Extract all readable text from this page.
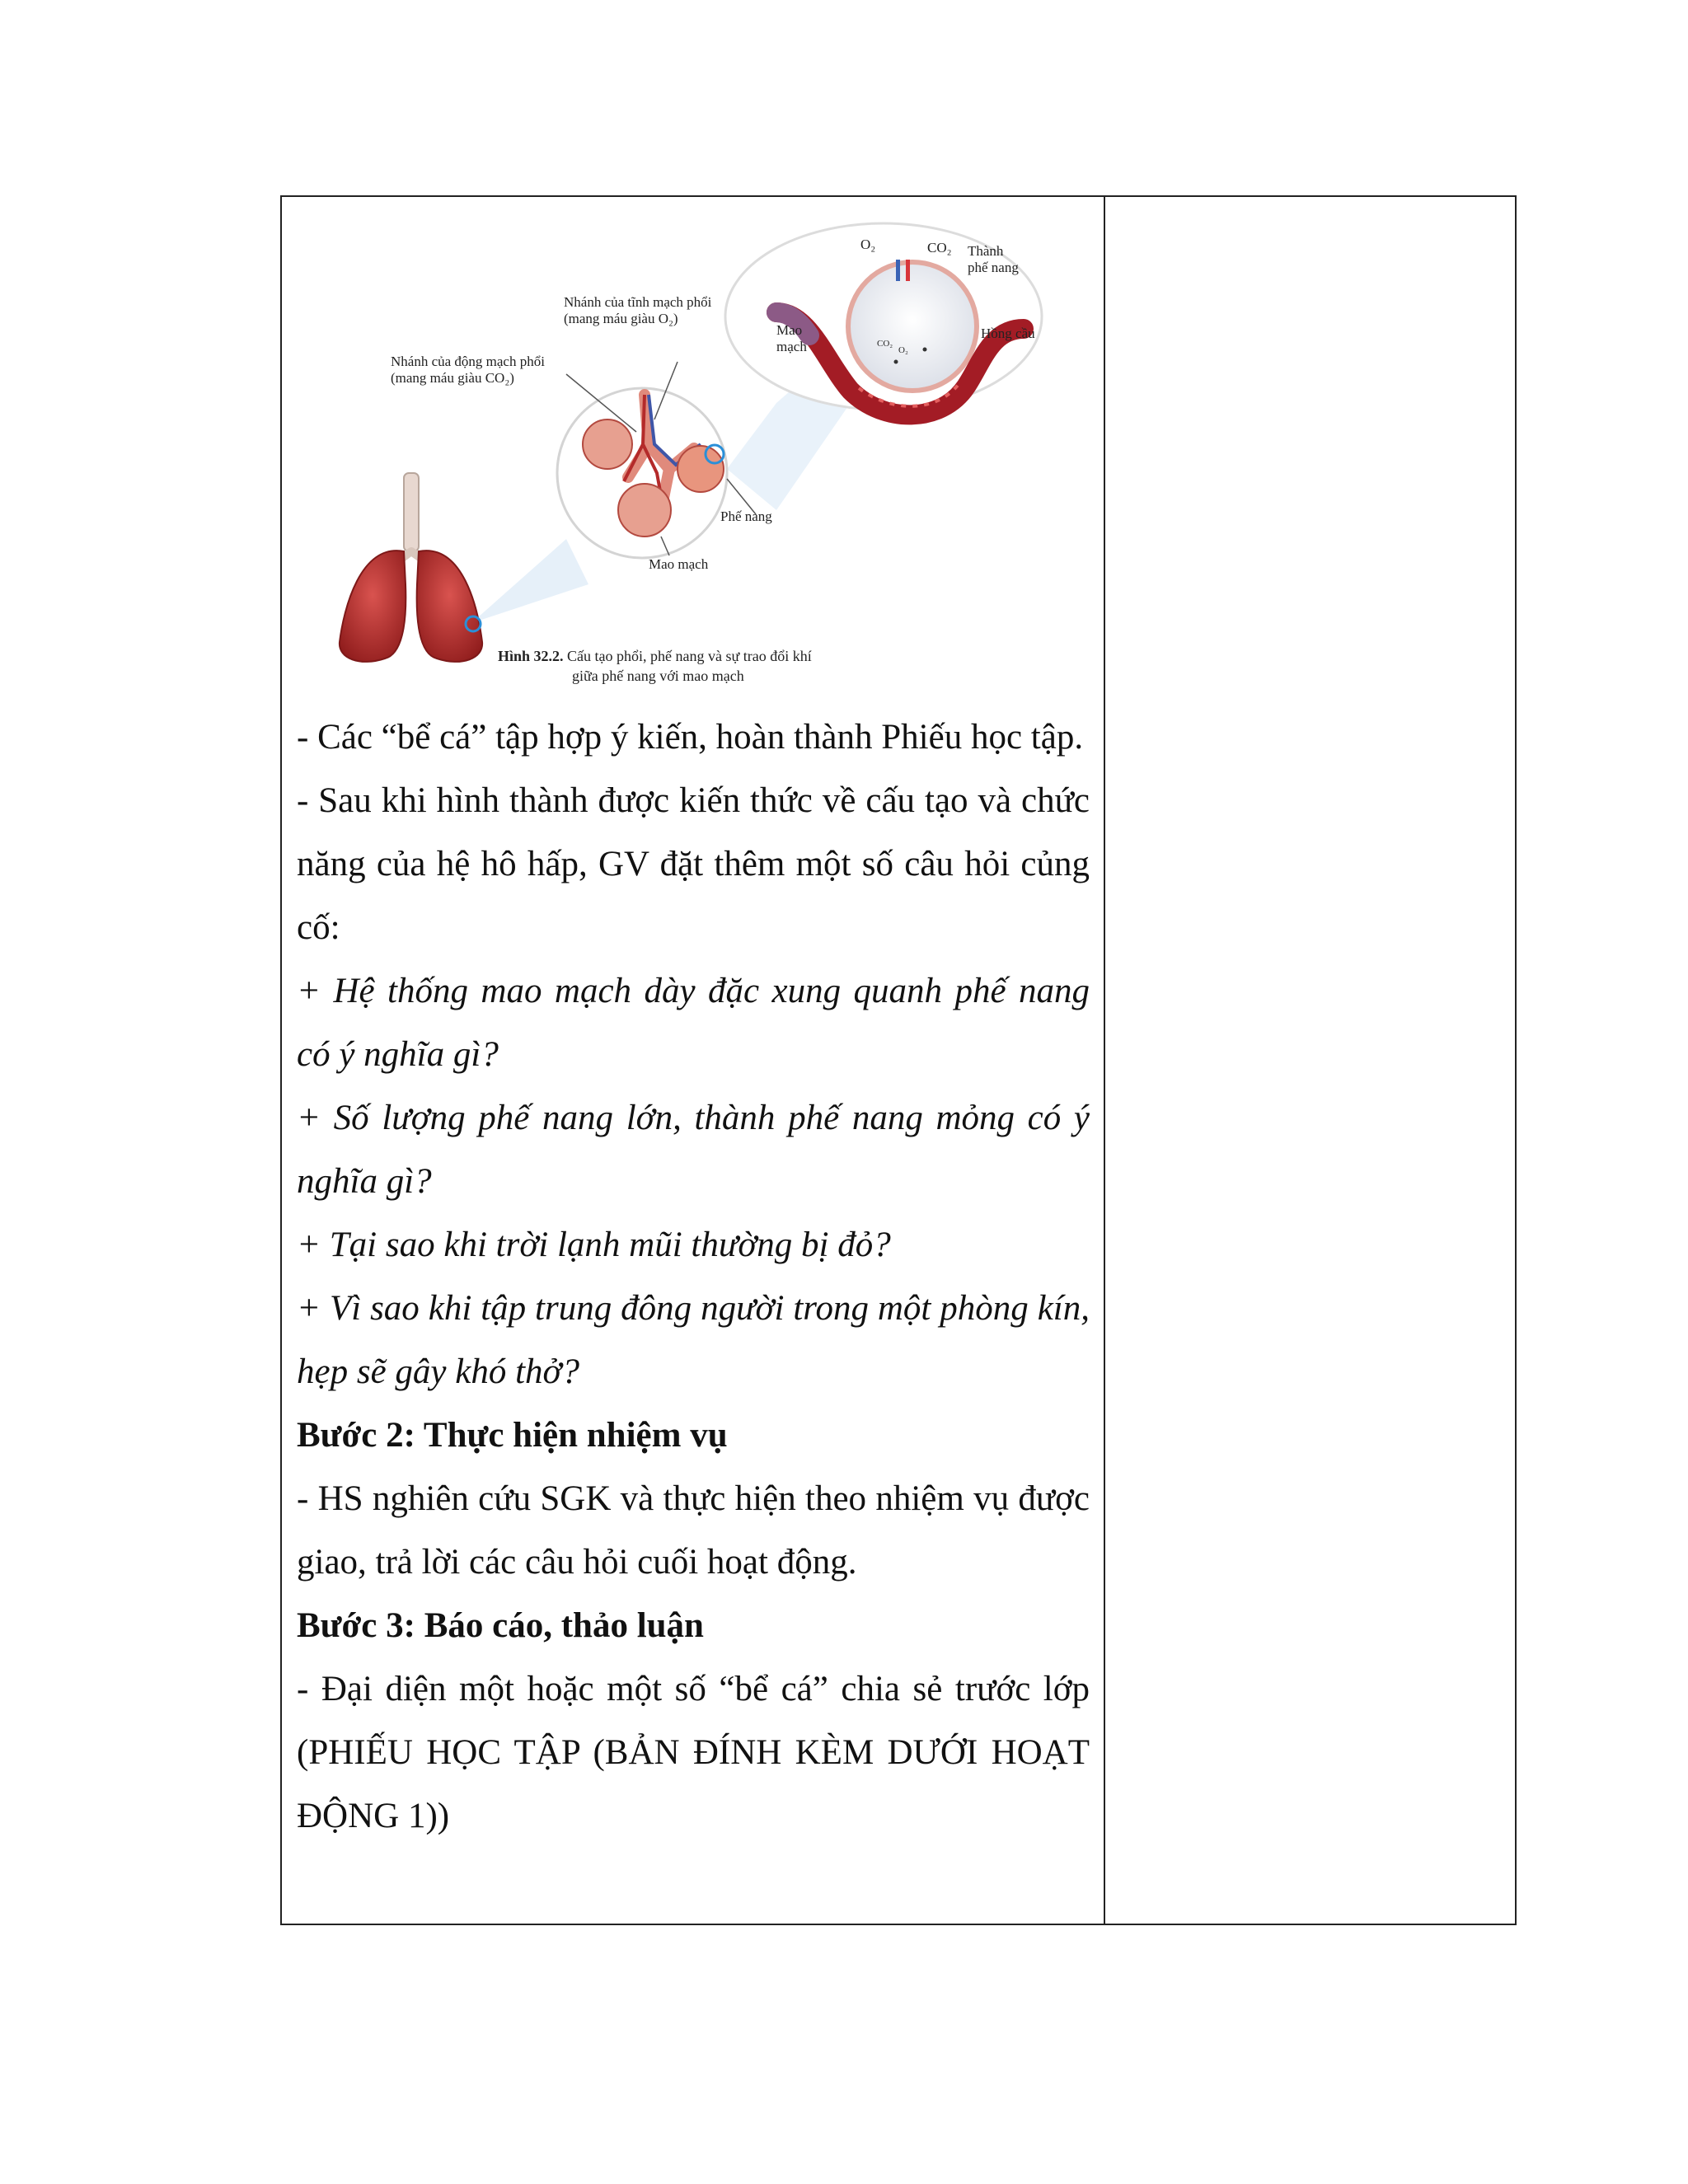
O₂	CO₂ Thành
phế nang
Mao
mạch
Hồng cầu
CO₂
O₂
Nhánh của tĩnh mạch phổi
(mang máu giàu O₂)
Nhánh của động mạch phổi
(mang máu giàu CO₂)
Phế nang
Mao mạch
Hình 32.2. Cấu tạo phổi, phế nang và sự trao đổi khí
giữa phế nang với mao mạch

- Các “bể cá” tập hợp ý kiến, hoàn thành Phiếu học tập.

- Sau khi hình thành được kiến thức về cấu tạo và chức năng của hệ hô hấp, GV đặt thêm một số câu hỏi củng cố:

+ Hệ thống mao mạch dày đặc xung quanh phế nang có ý nghĩa gì?

+ Số lượng phế nang lớn, thành phế nang mỏng có ý nghĩa gì?

+ Tại sao khi trời lạnh mũi thường bị đỏ?

+ Vì sao khi tập trung đông người trong một phòng kín, hẹp sẽ gây khó thở?

Bước 2: Thực hiện nhiệm vụ

- HS nghiên cứu SGK và thực hiện theo nhiệm vụ được giao, trả lời các câu hỏi cuối hoạt động.

Bước 3: Báo cáo, thảo luận

- Đại diện một hoặc một số “bể cá” chia sẻ trước lớp (PHIẾU HỌC TẬP (BẢN ĐÍNH KÈM DƯỚI HOẠT ĐỘNG 1))
